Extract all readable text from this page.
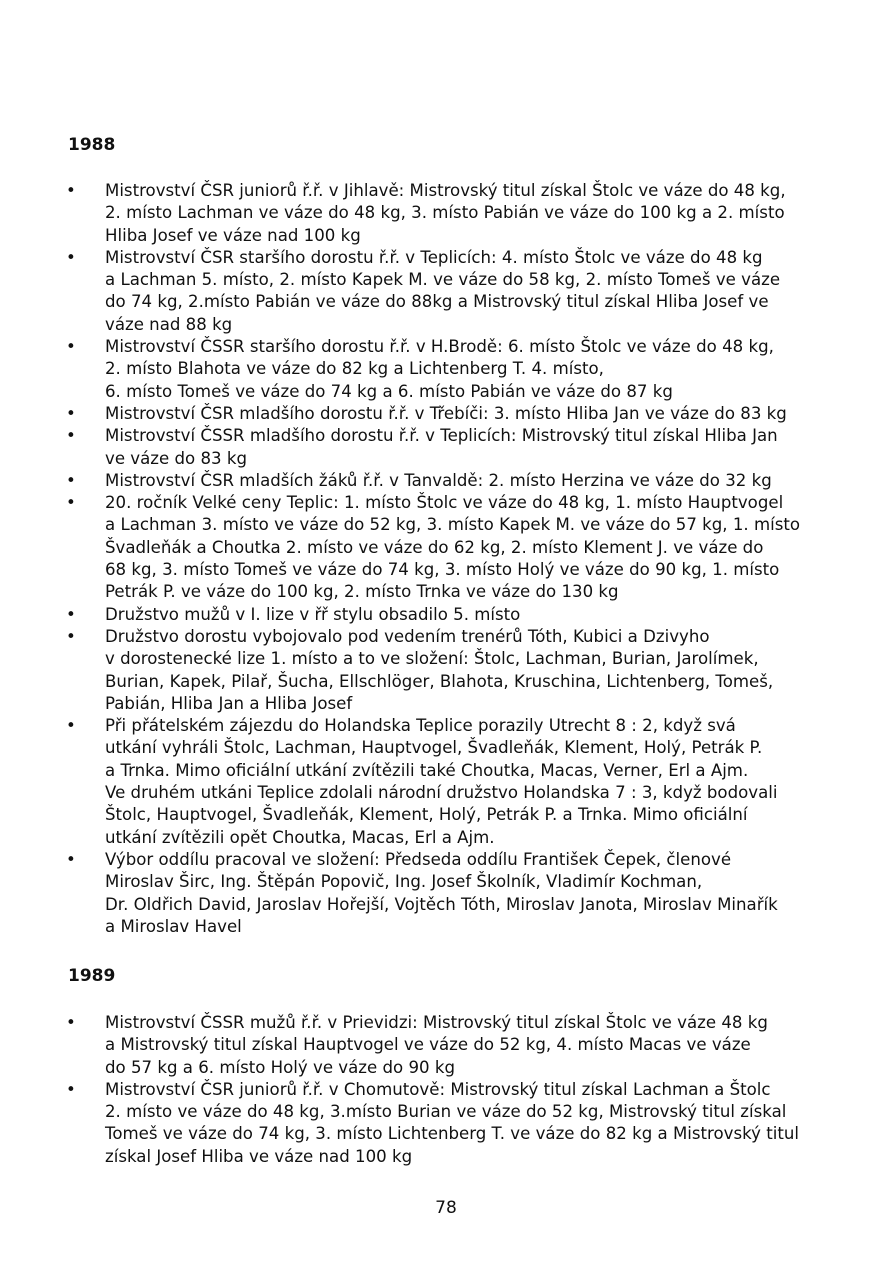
1988
• Mistrovství ČSR juniorů ř.ř. v Jihlavě: Mistrovský titul získal Štolc ve váze do 48 kg,
2. místo Lachman ve váze do 48 kg, 3. místo Pabián ve váze do 100 kg a 2. místo
Hliba Josef ve váze nad 100 kg
• Mistrovství ČSR staršího dorostu ř.ř. v Teplicích: 4. místo Štolc ve váze do 48 kg
a Lachman 5. místo, 2. místo Kapek M. ve váze do 58 kg, 2. místo Tomeš ve váze
do 74 kg, 2.místo Pabián ve váze do 88kg a Mistrovský titul získal Hliba Josef ve
váze nad 88 kg
• Mistrovství ČSSR staršího dorostu ř.ř. v H.Brodě: 6. místo Štolc ve váze do 48 kg,
2. místo Blahota ve váze do 82 kg a Lichtenberg T. 4. místo,
6. místo Tomeš ve váze do 74 kg a 6. místo Pabián ve váze do 87 kg
• Mistrovství ČSR mladšího dorostu ř.ř. v Třebíči: 3. místo Hliba Jan ve váze do 83 kg
• Mistrovství ČSSR mladšího dorostu ř.ř. v Teplicích: Mistrovský titul získal Hliba Jan
ve váze do 83 kg
• Mistrovství ČSR mladších žáků ř.ř. v Tanvaldě: 2. místo Herzina ve váze do 32 kg
• 20. ročník Velké ceny Teplic: 1. místo Štolc ve váze do 48 kg, 1. místo Hauptvogel
a Lachman 3. místo ve váze do 52 kg, 3. místo Kapek M. ve váze do 57 kg, 1. místo
Švadleňák a Choutka 2. místo ve váze do 62 kg, 2. místo Klement J. ve váze do
68 kg, 3. místo Tomeš ve váze do 74 kg, 3. místo Holý ve váze do 90 kg, 1. místo
Petrák P. ve váze do 100 kg, 2. místo Trnka ve váze do 130 kg
• Družstvo mužů v I. lize v řř stylu obsadilo 5. místo
• Družstvo dorostu vybojovalo pod vedením trenérů Tóth, Kubici a Dzivyho
v dorostenecké lize 1. místo a to ve složení: Štolc, Lachman, Burian, Jarolímek,
Burian, Kapek, Pilař, Šucha, Ellschlöger, Blahota, Kruschina, Lichtenberg, Tomeš,
Pabián, Hliba Jan a Hliba Josef
• Při přátelském zájezdu do Holandska Teplice porazily Utrecht 8 : 2, když svá
utkání vyhráli Štolc, Lachman, Hauptvogel, Švadleňák, Klement, Holý, Petrák P.
a Trnka. Mimo oficiální utkání zvítězili také Choutka, Macas, Verner, Erl a Ajm.
Ve druhém utkáni Teplice zdolali národní družstvo Holandska 7 : 3, když bodovali
Štolc, Hauptvogel, Švadleňák, Klement, Holý, Petrák P. a Trnka. Mimo oficiální
utkání zvítězili opět Choutka, Macas, Erl a Ajm.
• Výbor oddílu pracoval ve složení: Předseda oddílu František Čepek, členové
Miroslav Širc, Ing. Štěpán Popovič, Ing. Josef Školník, Vladimír Kochman,
Dr. Oldřich David, Jaroslav Hořejší, Vojtěch Tóth, Miroslav Janota, Miroslav Minařík
a Miroslav Havel
1989
• Mistrovství ČSSR mužů ř.ř. v Prievidzi: Mistrovský titul získal Štolc ve váze 48 kg
a Mistrovský titul získal Hauptvogel ve váze do 52 kg, 4. místo Macas ve váze
do 57 kg a 6. místo Holý ve váze do 90 kg
• Mistrovství ČSR juniorů ř.ř. v Chomutově: Mistrovský titul získal Lachman a Štolc
2. místo ve váze do 48 kg, 3.místo Burian ve váze do 52 kg, Mistrovský titul získal
Tomeš ve váze do 74 kg, 3. místo Lichtenberg T. ve váze do 82 kg a Mistrovský titul
získal Josef Hliba ve váze nad 100 kg
78
